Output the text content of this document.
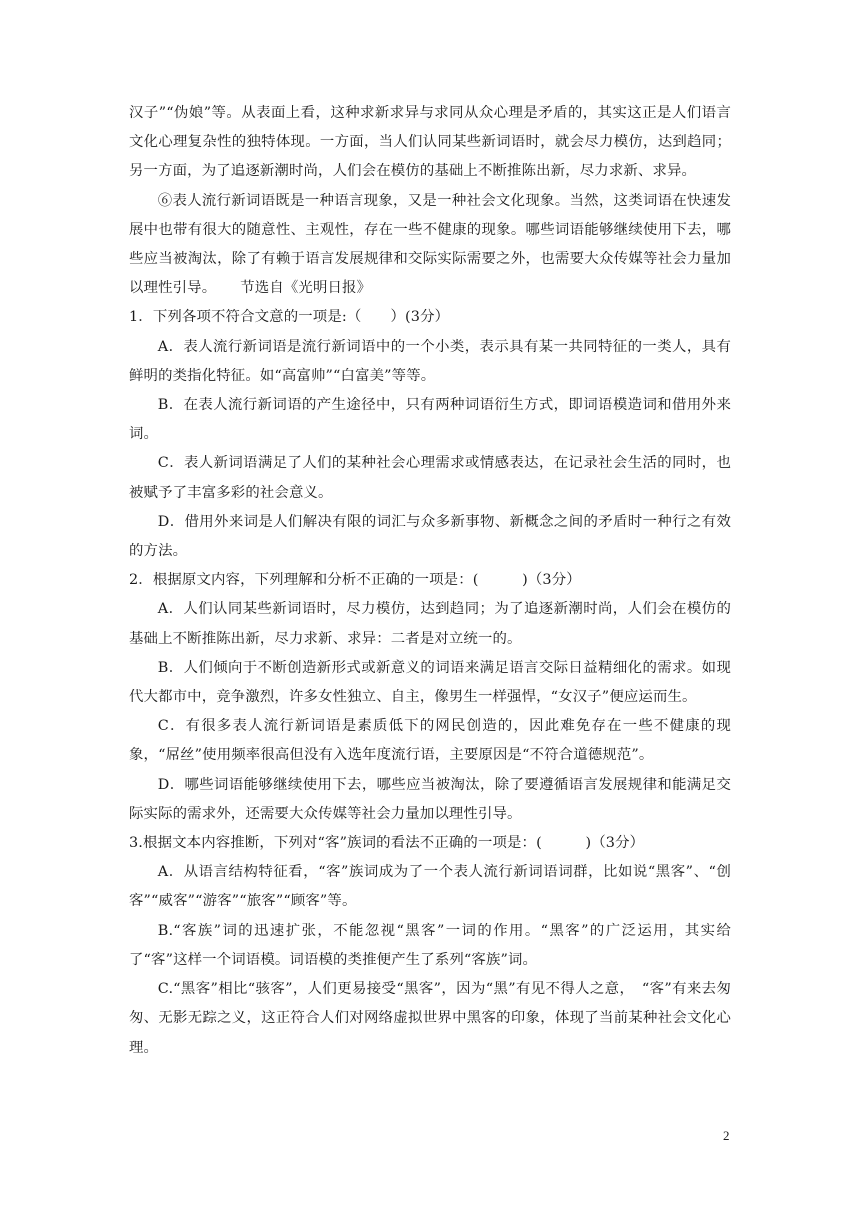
汉子”“伪娘”等。从表面上看，这种求新求异与求同从众心理是矛盾的，其实这正是人们语言文化心理复杂性的独特体现。一方面，当人们认同某些新词语时，就会尽力模仿，达到趋同；另一方面，为了追逐新潮时尚，人们会在模仿的基础上不断推陈出新，尽力求新、求异。

⑥表人流行新词语既是一种语言现象，又是一种社会文化现象。当然，这类词语在快速发展中也带有很大的随意性、主观性，存在一些不健康的现象。哪些词语能够继续使用下去，哪些应当被淘汰，除了有赖于语言发展规律和交际实际需要之外，也需要大众传媒等社会力量加以理性引导。 节选自《光明日报》

1．下列各项不符合文意的一项是:（　　）(3分）

A．表人流行新词语是流行新词语中的一个小类，表示具有某一共同特征的一类人，具有鲜明的类指化特征。如“高富帅”“白富美”等等。

B．在表人流行新词语的产生途径中，只有两种词语衍生方式，即词语模造词和借用外来词。

C．表人新词语满足了人们的某种社会心理需求或情感表达，在记录社会生活的同时，也被赋予了丰富多彩的社会意义。

D．借用外来词是人们解决有限的词汇与众多新事物、新概念之间的矛盾时一种行之有效的方法。

2．根据原文内容，下列理解和分析不正确的一项是：(　　　)（3分）

A．人们认同某些新词语时，尽力模仿，达到趋同；为了追逐新潮时尚，人们会在模仿的基础上不断推陈出新，尽力求新、求异：二者是对立统一的。

B．人们倾向于不断创造新形式或新意义的词语来满足语言交际日益精细化的需求。如现代大都市中，竞争激烈，许多女性独立、自主，像男生一样强悍，“女汉子”便应运而生。

C．有很多表人流行新词语是素质低下的网民创造的，因此难免存在一些不健康的现象，“屌丝”使用频率很高但没有入选年度流行语，主要原因是“不符合道德规范”。

D．哪些词语能够继续使用下去，哪些应当被淘汰，除了要遵循语言发展规律和能满足交际实际的需求外，还需要大众传媒等社会力量加以理性引导。

3.根据文本内容推断，下列对“客”族词的看法不正确的一项是：(　　　)（3分）

A．从语言结构特征看，“客”族词成为了一个表人流行新词语词群，比如说“黑客”、“创客”“威客”“游客”“旅客”“顾客”等。

B.“客族”词的迅速扩张，不能忽视“黑客”一词的作用。“黑客”的广泛运用，其实给了“客”这样一个词语模。词语模的类推便产生了系列“客族”词。

C.“黑客”相比“骇客”，人们更易接受“黑客”，因为“黑”有见不得人之意，　“客”有来去匆匆、无影无踪之义，这正符合人们对网络虚拟世界中黑客的印象，体现了当前某种社会文化心理。

2
